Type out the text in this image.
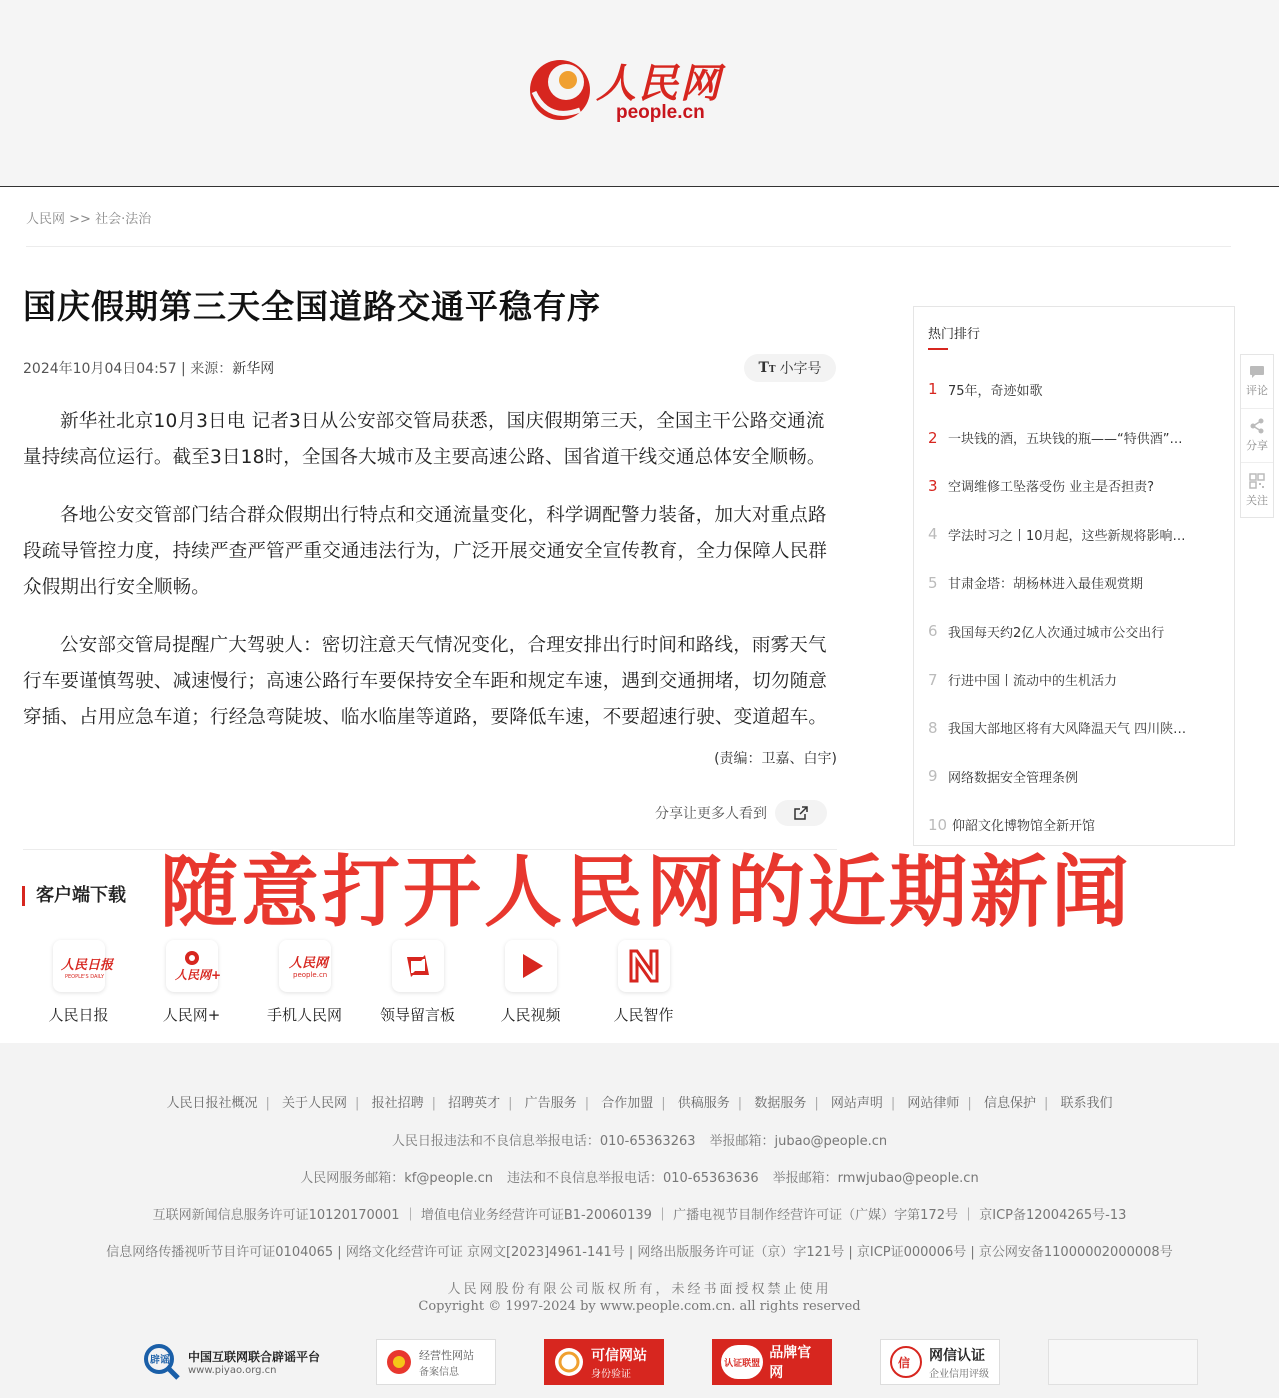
人民网
people.cn
人民网 >> 社会·法治
国庆假期第三天全国道路交通平稳有序
2024年10月04日04:57 | 来源：新华网	TT 小字号

新华社北京10月3日电 记者3日从公安部交管局获悉，国庆假期第三天，全国主干公路交通流量持续高位运行。截至3日18时，全国各大城市及主要高速公路、国省道干线交通总体安全顺畅。

各地公安交管部门结合群众假期出行特点和交通流量变化，科学调配警力装备，加大对重点路段疏导管控力度，持续严查严管严重交通违法行为，广泛开展交通安全宣传教育，全力保障人民群众假期出行安全顺畅。

公安部交管局提醒广大驾驶人：密切注意天气情况变化，合理安排出行时间和路线，雨雾天气行车要谨慎驾驶、减速慢行；高速公路行车要保持安全车距和规定车速，遇到交通拥堵，切勿随意穿插、占用应急车道；行经急弯陡坡、临水临崖等道路，要降低车速，不要超速行驶、变道超车。

(责编：卫嘉、白宇)
分享让更多人看到
客户端下载
人民日报
PEOPLE'S DAILY
人民日报
人民网+
人民网+
人民网
people.cn
手机人民网	领导留言板	人民视频	人民智作
随意打开人民网的近期新闻
热门排行
1 75年，奇迹如歌
2 一块钱的酒，五块钱的瓶——“特供酒”…
3 空调维修工坠落受伤 业主是否担责?
4 学法时习之丨10月起，这些新规将影响…
5 甘肃金塔：胡杨林进入最佳观赏期
6 我国每天约2亿人次通过城市公交出行
7 行进中国丨流动中的生机活力
8 我国大部地区将有大风降温天气 四川陕…
9 网络数据安全管理条例
10 仰韶文化博物馆全新开馆
评论
分享
关注
人民日报社概况 | 关于人民网 | 报社招聘 | 招聘英才 | 广告服务 | 合作加盟 | 供稿服务 | 数据服务 | 网站声明 | 网站律师 | 信息保护 | 联系我们
人民日报违法和不良信息举报电话：010-65363263 举报邮箱：jubao@people.cn
人民网服务邮箱：kf@people.cn 违法和不良信息举报电话：010-65363636 举报邮箱：rmwjubao@people.cn
互联网新闻信息服务许可证10120170001 ｜ 增值电信业务经营许可证B1-20060139 ｜ 广播电视节目制作经营许可证（广媒）字第172号 ｜ 京ICP备12004265号-13
信息网络传播视听节目许可证0104065 | 网络文化经营许可证 京网文[2023]4961-141号 | 网络出版服务许可证（京）字121号 | 京ICP证000006号 | 京公网安备11000002000008号
人民网股份有限公司版权所有，未经书面授权禁止使用
Copyright © 1997-2024 by www.people.com.cn. all rights reserved
辟谣 中国互联网联合辟谣平台
www.piyao.org.cn
经营性网站
备案信息
可信网站
身份验证
认证联盟
品牌官网
信 网信认证
企业信用评级
